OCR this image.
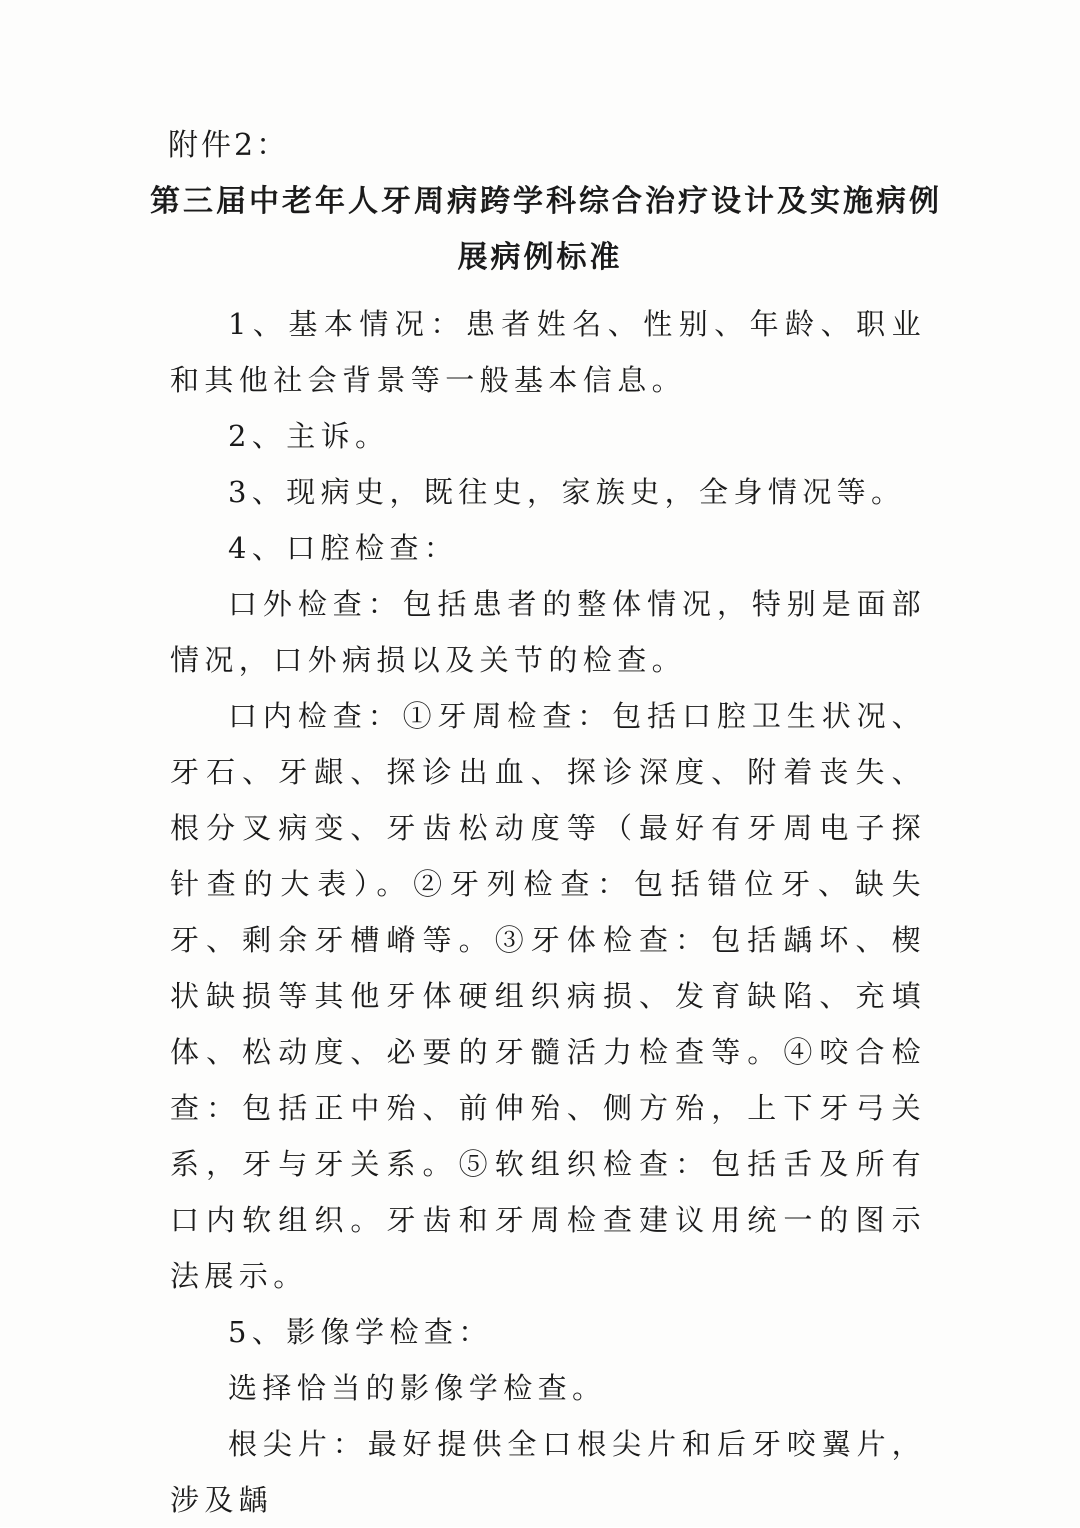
附件2：
第三届中老年人牙周病跨学科综合治疗设计及实施病例
展病例标准

1、基本情况：患者姓名、性别、年龄、职业和其他社会背景等一般基本信息。

2、主诉。

3、现病史，既往史，家族史，全身情况等。

4、口腔检查：

口外检查：包括患者的整体情况，特别是面部情况，口外病损以及关节的检查。

口内检查：①牙周检查：包括口腔卫生状况、牙石、牙龈、探诊出血、探诊深度、附着丧失、根分叉病变、牙齿松动度等（最好有牙周电子探针查的大表）。②牙列检查：包括错位牙、缺失牙、剩余牙槽嵴等。③牙体检查：包括龋坏、楔状缺损等其他牙体硬组织病损、发育缺陷、充填体、松动度、必要的牙髓活力检查等。④咬合检查：包括正中殆、前伸殆、侧方殆，上下牙弓关系，牙与牙关系。⑤软组织检查：包括舌及所有口内软组织。牙齿和牙周检查建议用统一的图示法展示。

5、影像学检查：

选择恰当的影像学检查。

根尖片：最好提供全口根尖片和后牙咬翼片，涉及龋
